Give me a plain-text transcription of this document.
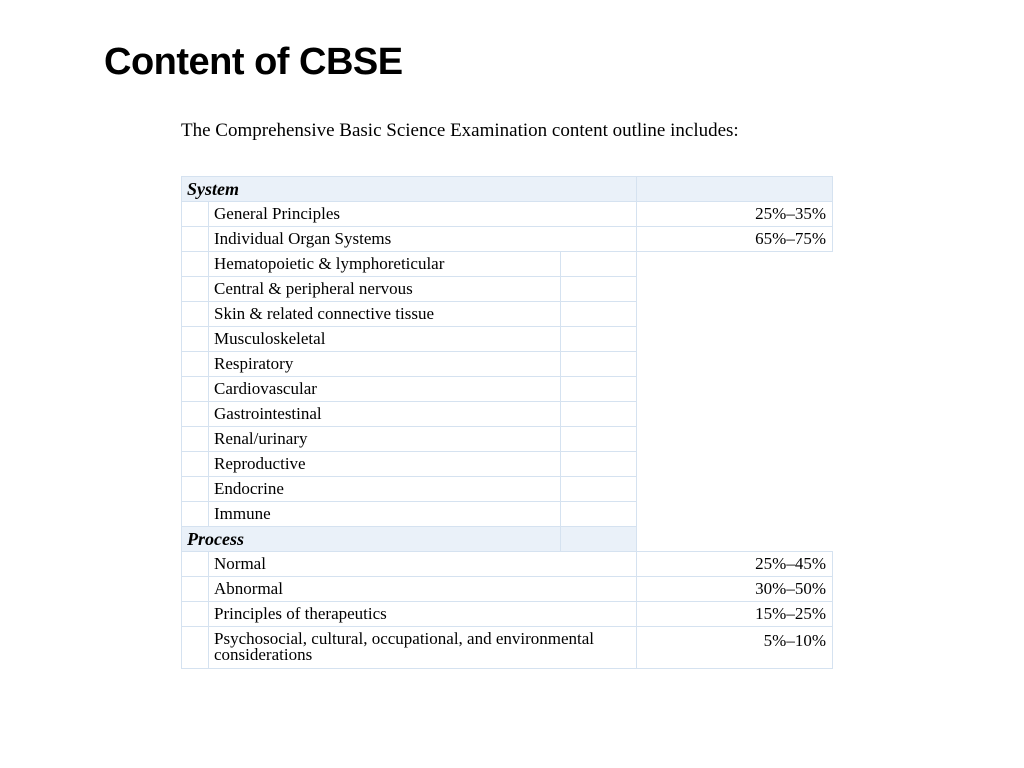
Content of CBSE

The Comprehensive Basic Science Examination content outline includes:

System			
	General Principles		25%–35%
	Individual Organ Systems		65%–75%
	Hematopoietic & lymphoreticular		
	Central & peripheral nervous		
	Skin & related connective tissue		
	Musculoskeletal		
	Respiratory		
	Cardiovascular		
	Gastrointestinal		
	Renal/urinary		
	Reproductive		
	Endocrine		
	Immune		
Process			
	Normal		25%–45%
	Abnormal		30%–50%
	Principles of therapeutics		15%–25%
	Psychosocial, cultural, occupational, and environmental considerations		5%–10%
